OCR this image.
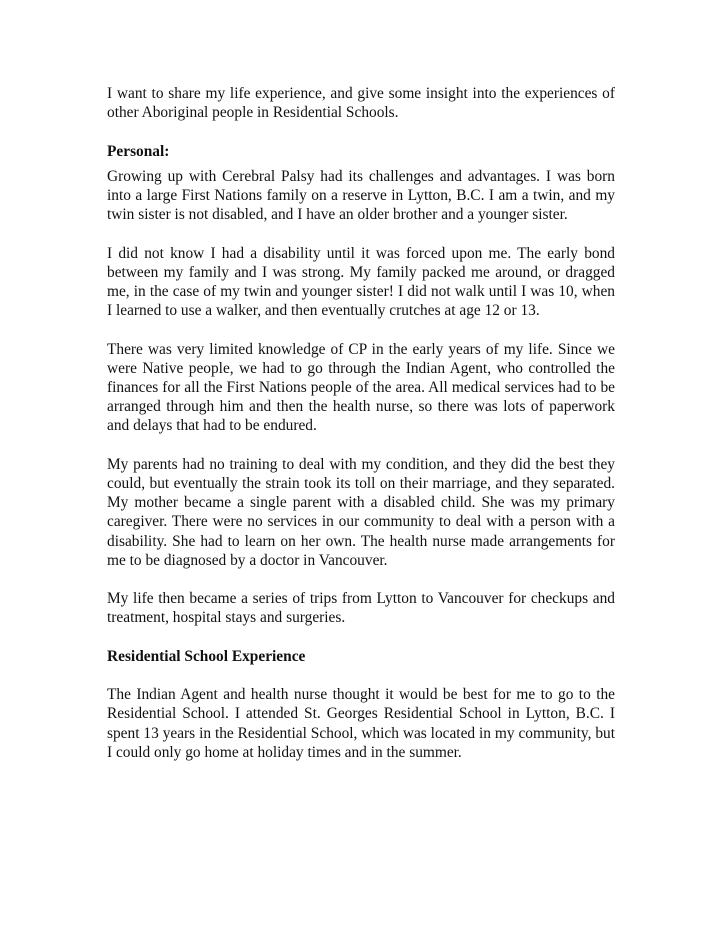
I want to share my life experience, and give some insight into the experiences of other Aboriginal people in Residential Schools.

Personal:

Growing up with Cerebral Palsy had its challenges and advantages. I was born into a large First Nations family on a reserve in Lytton, B.C. I am a twin, and my twin sister is not disabled, and I have an older brother and a younger sister.

I did not know I had a disability until it was forced upon me. The early bond between my family and I was strong. My family packed me around, or dragged me, in the case of my twin and younger sister! I did not walk until I was 10, when I learned to use a walker, and then eventually crutches at age 12 or 13.

There was very limited knowledge of CP in the early years of my life. Since we were Native people, we had to go through the Indian Agent, who controlled the finances for all the First Nations people of the area. All medical services had to be arranged through him and then the health nurse, so there was lots of paperwork and delays that had to be endured.

My parents had no training to deal with my condition, and they did the best they could, but eventually the strain took its toll on their marriage, and they separated. My mother became a single parent with a disabled child. She was my primary caregiver. There were no services in our community to deal with a person with a disability. She had to learn on her own. The health nurse made arrangements for me to be diagnosed by a doctor in Vancouver.

My life then became a series of trips from Lytton to Vancouver for checkups and treatment, hospital stays and surgeries.

Residential School Experience

The Indian Agent and health nurse thought it would be best for me to go to the Residential School. I attended St. Georges Residential School in Lytton, B.C. I spent 13 years in the Residential School, which was located in my community, but I could only go home at holiday times and in the summer.
